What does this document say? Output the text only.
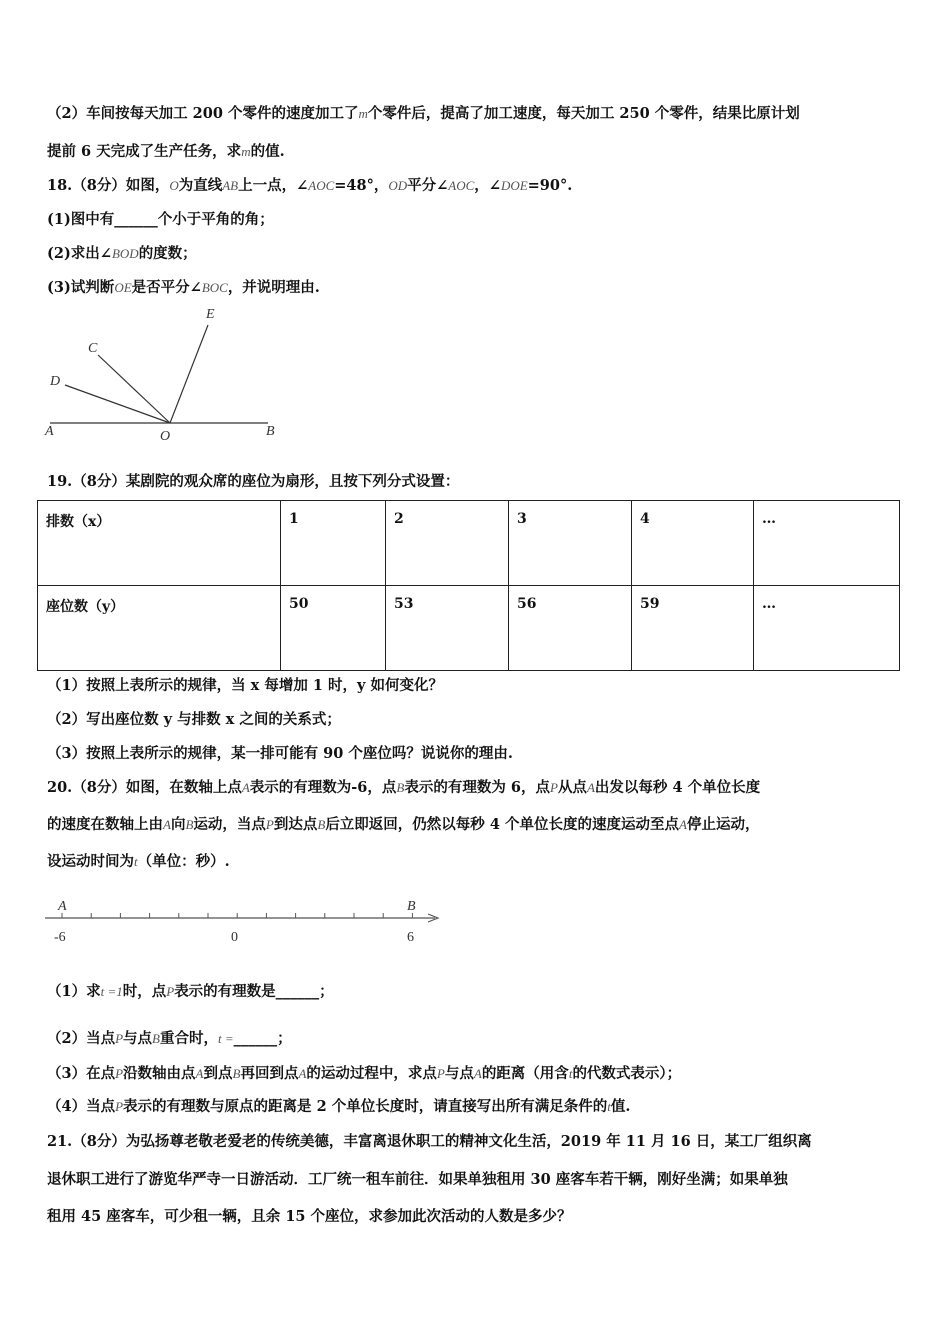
（2）车间按每天加工 200 个零件的速度加工了m个零件后，提高了加工速度，每天加工 250 个零件，结果比原计划
提前 6 天完成了生产任务，求m的值.
18.（8分）如图，O为直线AB上一点，∠AOC=48°，OD平分∠AOC，∠DOE=90°.
(1)图中有______个小于平角的角；
(2)求出∠BOD的度数；
(3)试判断OE是否平分∠BOC，并说明理由.
19.（8分）某剧院的观众席的座位为扇形，且按下列分式设置：
（1）按照上表所示的规律，当 x 每增加 1 时，y 如何变化？
（2）写出座位数 y 与排数 x 之间的关系式；
（3）按照上表所示的规律，某一排可能有 90 个座位吗？说说你的理由.
20.（8分）如图，在数轴上点A表示的有理数为-6，点B表示的有理数为 6，点P从点A出发以每秒 4 个单位长度
的速度在数轴上由A向B运动，当点P到达点B后立即返回，仍然以每秒 4 个单位长度的速度运动至点A停止运动，
设运动时间为t（单位：秒）.
（1）求t =1时，点P表示的有理数是______；
（2）当点P与点B重合时，t =______；
（3）在点P沿数轴由点A到点B再回到点A的运动过程中，求点P与点A的距离（用含t的代数式表示）；
（4）当点P表示的有理数与原点的距离是 2 个单位长度时，请直接写出所有满足条件的t值.
21.（8分）为弘扬尊老敬老爱老的传统美德，丰富离退休职工的精神文化生活，2019 年 11 月 16 日，某工厂组织离
退休职工进行了游览华严寺一日游活动．工厂统一租车前往．如果单独租用 30 座客车若干辆，刚好坐满；如果单独
租用 45 座客车，可少租一辆，且余 15 个座位，求参加此次活动的人数是多少？
A	B
O
C
D
E
排数（x）	1	2	3	4	…
座位数（y）	50	53	56	59	…
A	B
-6	0	6
